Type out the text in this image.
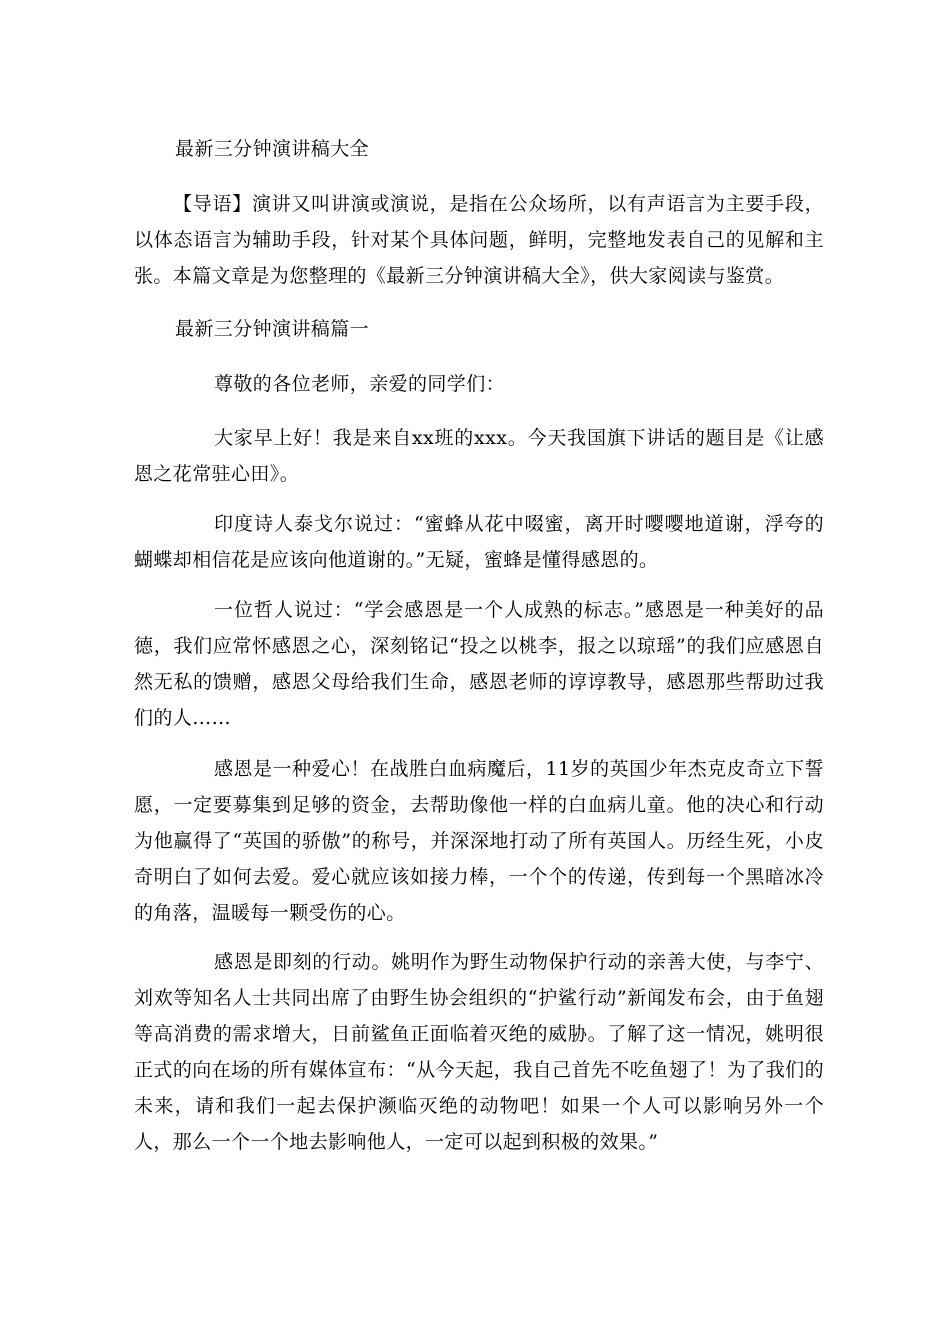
最新三分钟演讲稿大全

【导语】演讲又叫讲演或演说，是指在公众场所，以有声语言为主要手段，以体态语言为辅助手段，针对某个具体问题，鲜明，完整地发表自己的见解和主张。本篇文章是为您整理的《最新三分钟演讲稿大全》，供大家阅读与鉴赏。

最新三分钟演讲稿篇一

尊敬的各位老师，亲爱的同学们：

大家早上好！我是来自xx班的xxx。今天我国旗下讲话的题目是《让感恩之花常驻心田》。

印度诗人泰戈尔说过：“蜜蜂从花中啜蜜，离开时嘤嘤地道谢，浮夸的蝴蝶却相信花是应该向他道谢的。”无疑，蜜蜂是懂得感恩的。

一位哲人说过：“学会感恩是一个人成熟的标志。”感恩是一种美好的品德，我们应常怀感恩之心，深刻铭记“投之以桃李，报之以琼瑶”的我们应感恩自然无私的馈赠，感恩父母给我们生命，感恩老师的谆谆教导，感恩那些帮助过我们的人……

感恩是一种爱心！在战胜白血病魔后，11岁的英国少年杰克皮奇立下誓愿，一定要募集到足够的资金，去帮助像他一样的白血病儿童。他的决心和行动为他赢得了“英国的骄傲”的称号，并深深地打动了所有英国人。历经生死，小皮奇明白了如何去爱。爱心就应该如接力棒，一个个的传递，传到每一个黑暗冰冷的角落，温暖每一颗受伤的心。

感恩是即刻的行动。姚明作为野生动物保护行动的亲善大使，与李宁、刘欢等知名人士共同出席了由野生协会组织的“护鲨行动”新闻发布会，由于鱼翅等高消费的需求增大，日前鲨鱼正面临着灭绝的威胁。了解了这一情况，姚明很正式的向在场的所有媒体宣布：“从今天起，我自己首先不吃鱼翅了！为了我们的未来，请和我们一起去保护濒临灭绝的动物吧！如果一个人可以影响另外一个人，那么一个一个地去影响他人，一定可以起到积极的效果。”
